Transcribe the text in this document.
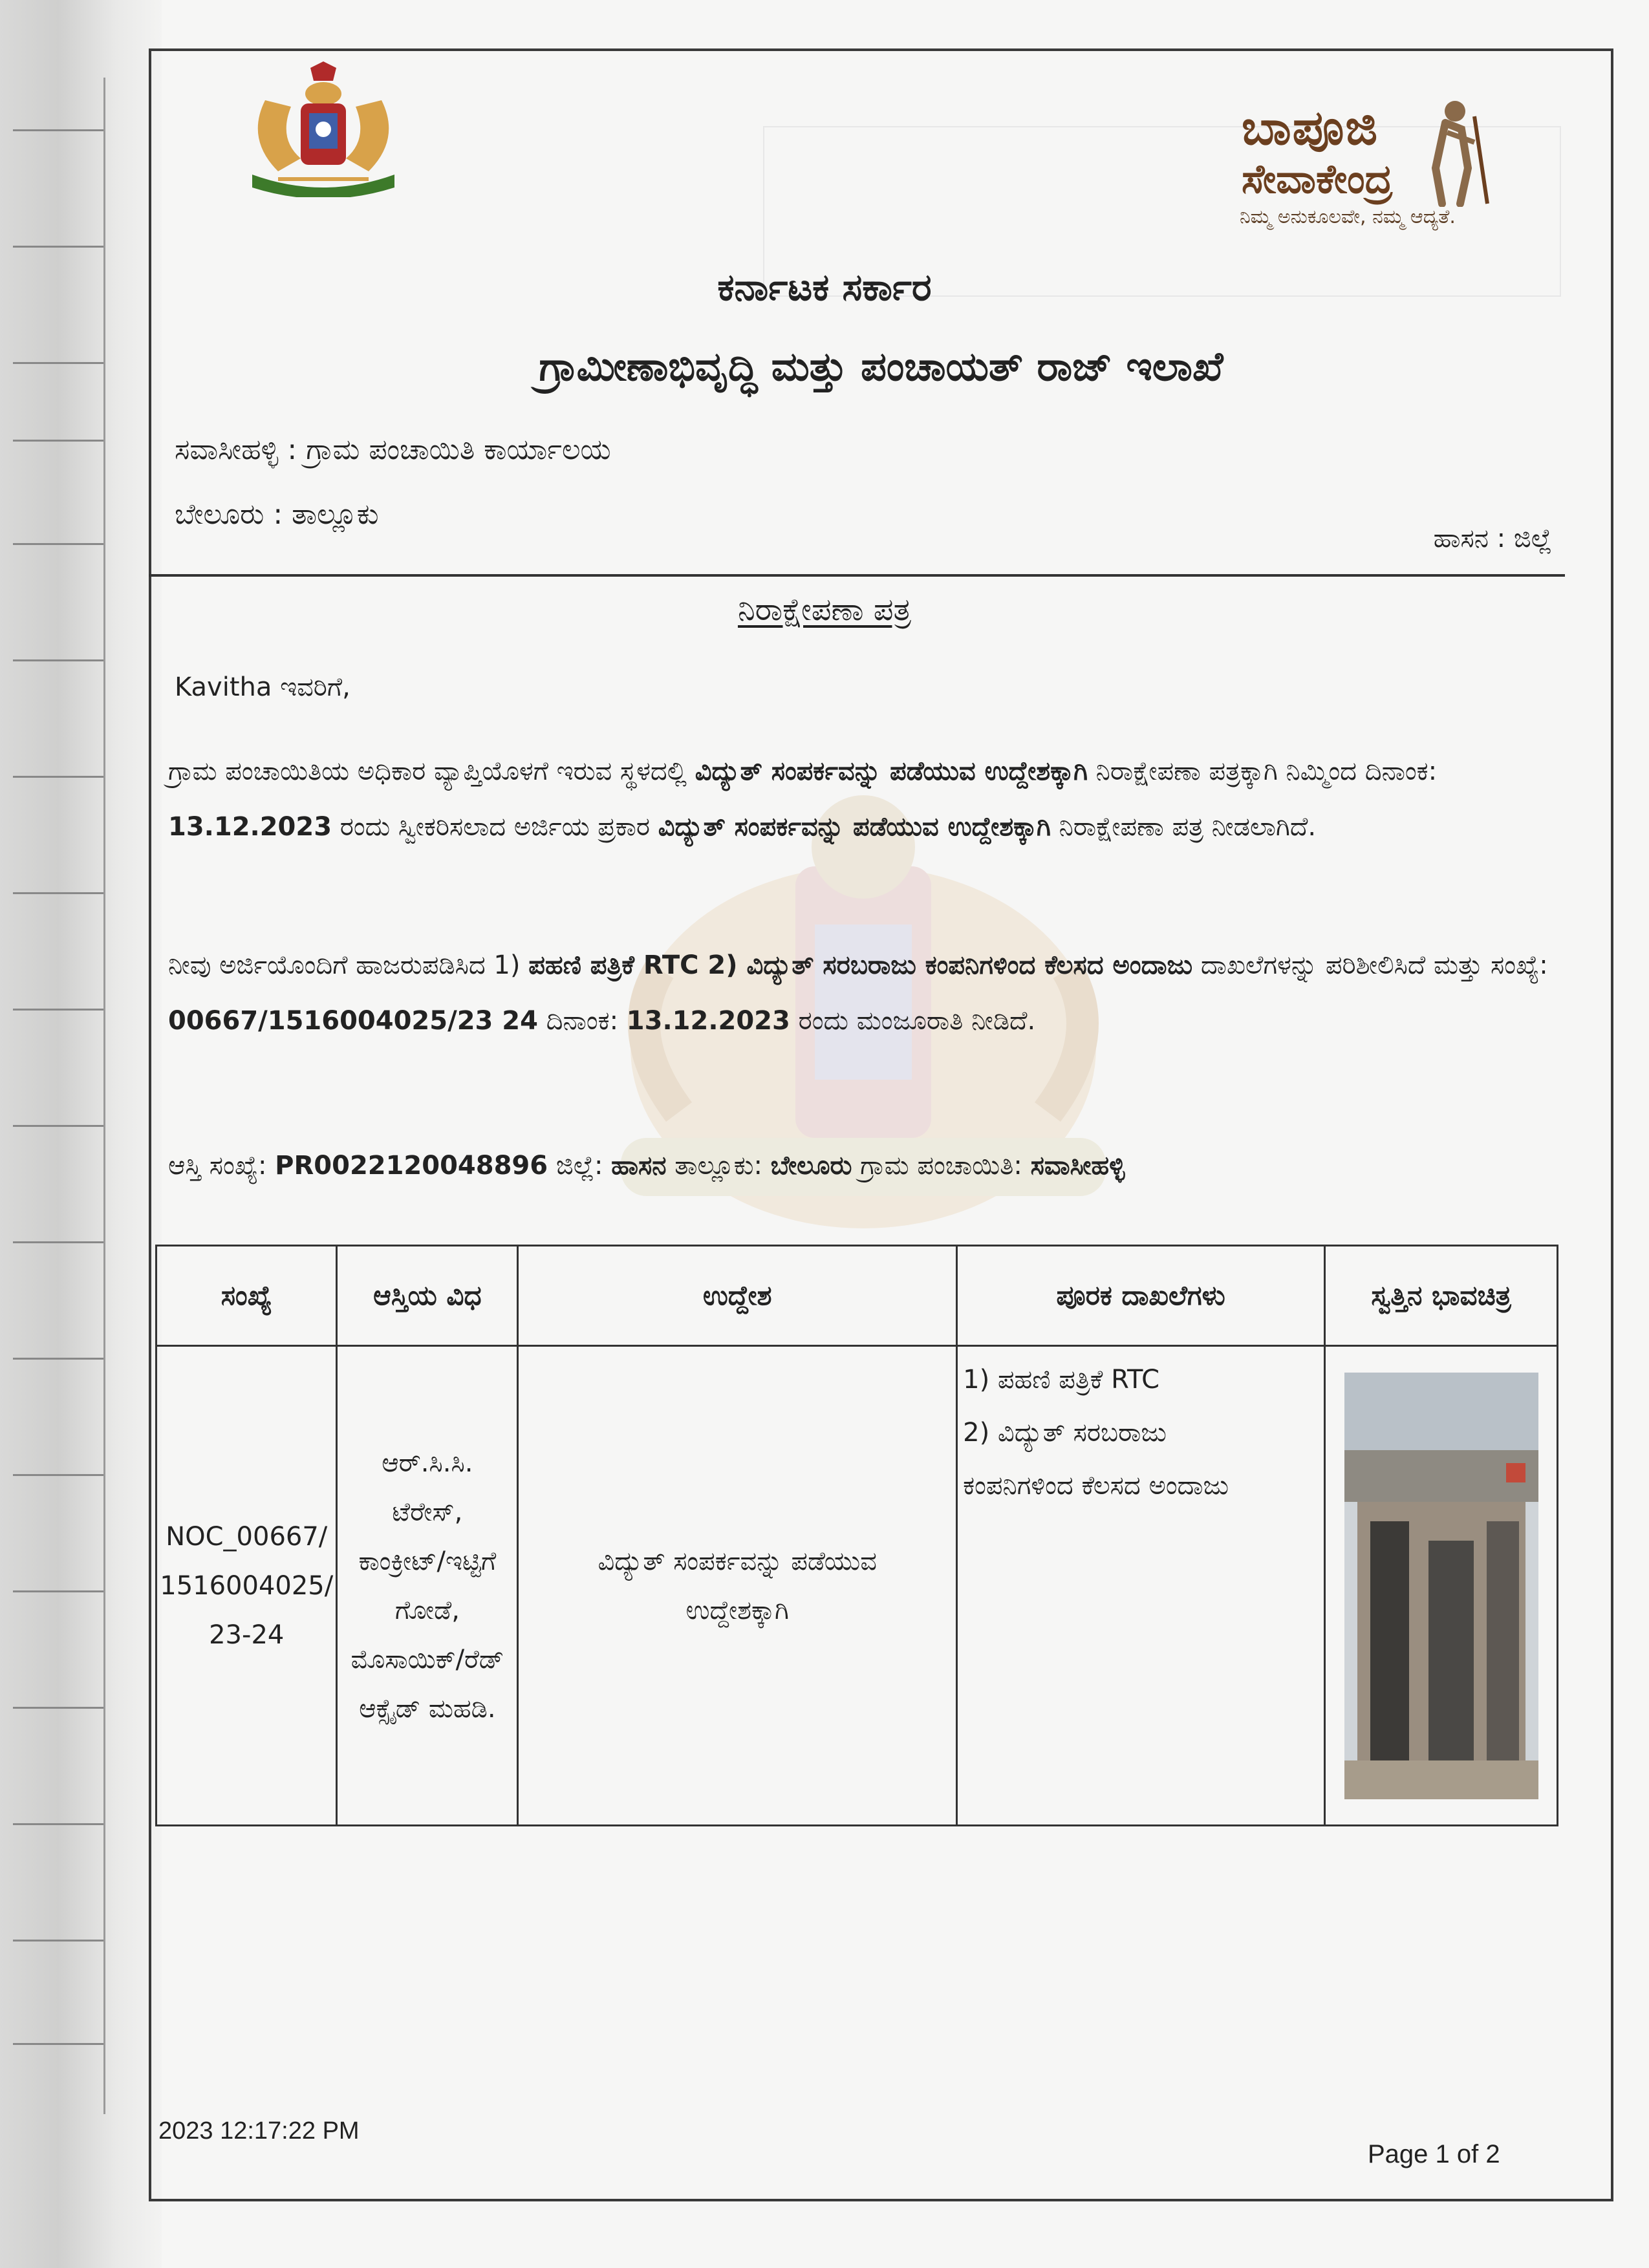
ಬಾಪೂಜಿ
ಸೇವಾಕೇಂದ್ರ
ನಿಮ್ಮ ಅನುಕೂಲವೇ, ನಮ್ಮ ಆದ್ಯತೆ.
ಕರ್ನಾಟಕ ಸರ್ಕಾರ
ಗ್ರಾಮೀಣಾಭಿವೃದ್ಧಿ ಮತ್ತು ಪಂಚಾಯತ್ ರಾಜ್ ಇಲಾಖೆ
ಸವಾಸೀಹಳ್ಳಿ : ಗ್ರಾಮ ಪಂಚಾಯಿತಿ ಕಾರ್ಯಾಲಯ
ಬೇಲೂರು : ತಾಲ್ಲೂಕು
ಹಾಸನ : ಜಿಲ್ಲೆ
ನಿರಾಕ್ಷೇಪಣಾ ಪತ್ರ
Kavitha ಇವರಿಗೆ,
ಗ್ರಾಮ ಪಂಚಾಯಿತಿಯ ಅಧಿಕಾರ ವ್ಯಾಪ್ತಿಯೊಳಗೆ ಇರುವ ಸ್ಥಳದಲ್ಲಿ ವಿದ್ಯುತ್ ಸಂಪರ್ಕವನ್ನು ಪಡೆಯುವ ಉದ್ದೇಶಕ್ಕಾಗಿ ನಿರಾಕ್ಷೇಪಣಾ ಪತ್ರಕ್ಕಾಗಿ ನಿಮ್ಮಿಂದ ದಿನಾಂಕ: 13.12.2023 ರಂದು ಸ್ವೀಕರಿಸಲಾದ ಅರ್ಜಿಯ ಪ್ರಕಾರ ವಿದ್ಯುತ್ ಸಂಪರ್ಕವನ್ನು ಪಡೆಯುವ ಉದ್ದೇಶಕ್ಕಾಗಿ ನಿರಾಕ್ಷೇಪಣಾ ಪತ್ರ ನೀಡಲಾಗಿದೆ.
ನೀವು ಅರ್ಜಿಯೊಂದಿಗೆ ಹಾಜರುಪಡಿಸಿದ 1) ಪಹಣಿ ಪತ್ರಿಕೆ RTC 2) ವಿದ್ಯುತ್ ಸರಬರಾಜು ಕಂಪನಿಗಳಿಂದ ಕೆಲಸದ ಅಂದಾಜು ದಾಖಲೆಗಳನ್ನು ಪರಿಶೀಲಿಸಿದೆ ಮತ್ತು ಸಂಖ್ಯೆ: 00667/1516004025/23 24 ದಿನಾಂಕ: 13.12.2023 ರಂದು ಮಂಜೂರಾತಿ ನೀಡಿದೆ.
ಆಸ್ತಿ ಸಂಖ್ಯೆ: PR0022120048896 ಜಿಲ್ಲೆ: ಹಾಸನ ತಾಲ್ಲೂಕು: ಬೇಲೂರು ಗ್ರಾಮ ಪಂಚಾಯಿತಿ: ಸವಾಸೀಹಳ್ಳಿ
ಸಂಖ್ಯೆ	ಆಸ್ತಿಯ ವಿಧ	ಉದ್ದೇಶ	ಪೂರಕ ದಾಖಲೆಗಳು	ಸ್ವತ್ತಿನ ಭಾವಚಿತ್ರ
NOC_00667/1516004025/23-24	ಆರ್.ಸಿ.ಸಿ. ಟೆರೇಸ್, ಕಾಂಕ್ರೀಟ್/ಇಟ್ಟಿಗೆ ಗೋಡೆ, ಮೊಸಾಯಿಕ್/ರೆಡ್ ಆಕ್ಸೈಡ್ ಮಹಡಿ.	ವಿದ್ಯುತ್ ಸಂಪರ್ಕವನ್ನು ಪಡೆಯುವ ಉದ್ದೇಶಕ್ಕಾಗಿ	1) ಪಹಣಿ ಪತ್ರಿಕೆ RTC
2) ವಿದ್ಯುತ್ ಸರಬರಾಜು
ಕಂಪನಿಗಳಿಂದ ಕೆಲಸದ ಅಂದಾಜು

2023 12:17:22 PM
Page 1 of 2
